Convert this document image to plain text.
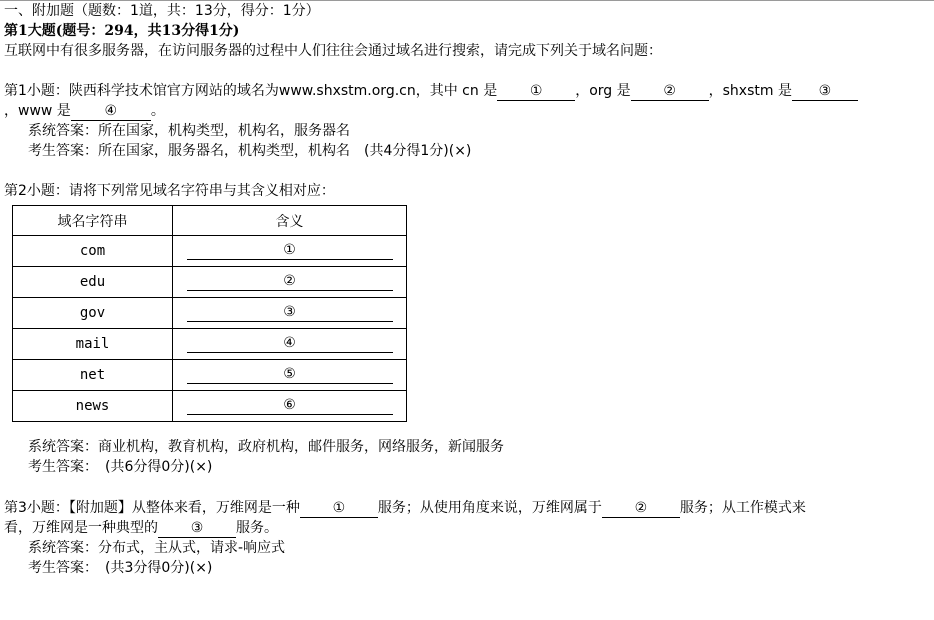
一、附加题（题数：1道，共：13分，得分：1分）
第1大题(题号：294，共13分得1分)
互联网中有很多服务器，在访问服务器的过程中人们往往会通过域名进行搜索，请完成下列关于域名问题：
第1小题：陕西科学技术馆官方网站的域名为www.shxstm.org.cn，其中 cn 是 ① ，org 是 ② ，shxstm 是 ③
，www 是 ④ 。
系统答案：所在国家，机构类型，机构名，服务器名
考生答案：所在国家，服务器名，机构类型，机构名　(共4分得1分)(×)
第2小题：请将下列常见域名字符串与其含义相对应：
域名字符串	含义
com	①
edu	②
gov	③
mail	④
net	⑤
news	⑥
系统答案：商业机构，教育机构，政府机构，邮件服务，网络服务，新闻服务
考生答案：　(共6分得0分)(×)
第3小题：【附加题】从整体来看，万维网是一种 ① 服务；从使用角度来说，万维网属于 ② 服务；从工作模式来
看，万维网是一种典型的 ③ 服务。
系统答案：分布式，主从式，请求-响应式
考生答案：　(共3分得0分)(×)
